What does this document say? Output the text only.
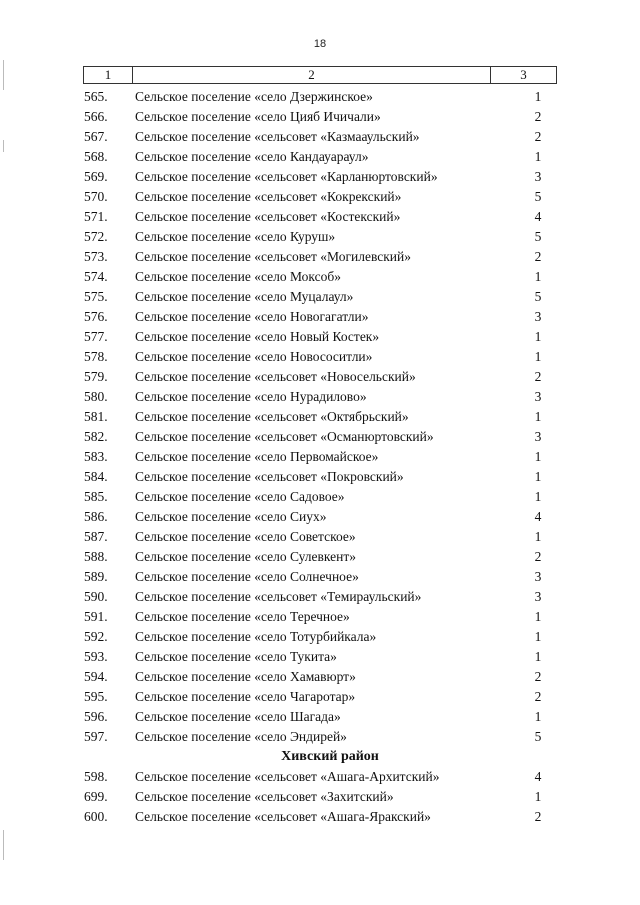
18
1	2	3
565.	Сельское поселение «село Дзержинское»	1
566.	Сельское поселение «село Цияб Ичичали»	2
567.	Сельское поселение «сельсовет «Казмааульский»	2
568.	Сельское поселение «село Кандауараул»	1
569.	Сельское поселение «сельсовет «Карланюртовский»	3
570.	Сельское поселение «сельсовет «Кокрекский»	5
571.	Сельское поселение «сельсовет «Костекский»	4
572.	Сельское поселение «село Куруш»	5
573.	Сельское поселение «сельсовет «Могилевский»	2
574.	Сельское поселение «село Моксоб»	1
575.	Сельское поселение «село Муцалаул»	5
576.	Сельское поселение «село Новогагатли»	3
577.	Сельское поселение «село Новый Костек»	1
578.	Сельское поселение «село Новососитли»	1
579.	Сельское поселение «сельсовет «Новосельский»	2
580.	Сельское поселение «село Нурадилово»	3
581.	Сельское поселение «сельсовет «Октябрьский»	1
582.	Сельское поселение «сельсовет «Османюртовский»	3
583.	Сельское поселение «село Первомайское»	1
584.	Сельское поселение «сельсовет «Покровский»	1
585.	Сельское поселение «село Садовое»	1
586.	Сельское поселение «село Сиух»	4
587.	Сельское поселение «село Советское»	1
588.	Сельское поселение «село Сулевкент»	2
589.	Сельское поселение «село Солнечное»	3
590.	Сельское поселение «сельсовет «Темираульский»	3
591.	Сельское поселение «село Теречное»	1
592.	Сельское поселение «село Тотурбийкала»	1
593.	Сельское поселение «село Тукита»	1
594.	Сельское поселение «село Хамавюрт»	2
595.	Сельское поселение «село Чагаротар»	2
596.	Сельское поселение «село Шагада»	1
597.	Сельское поселение «село Эндирей»	5
Хивский район
598.	Сельское поселение «сельсовет «Ашага-Архитский»	4
699.	Сельское поселение «сельсовет «Захитский»	1
600.	Сельское поселение «сельсовет «Ашага-Яракский»	2
